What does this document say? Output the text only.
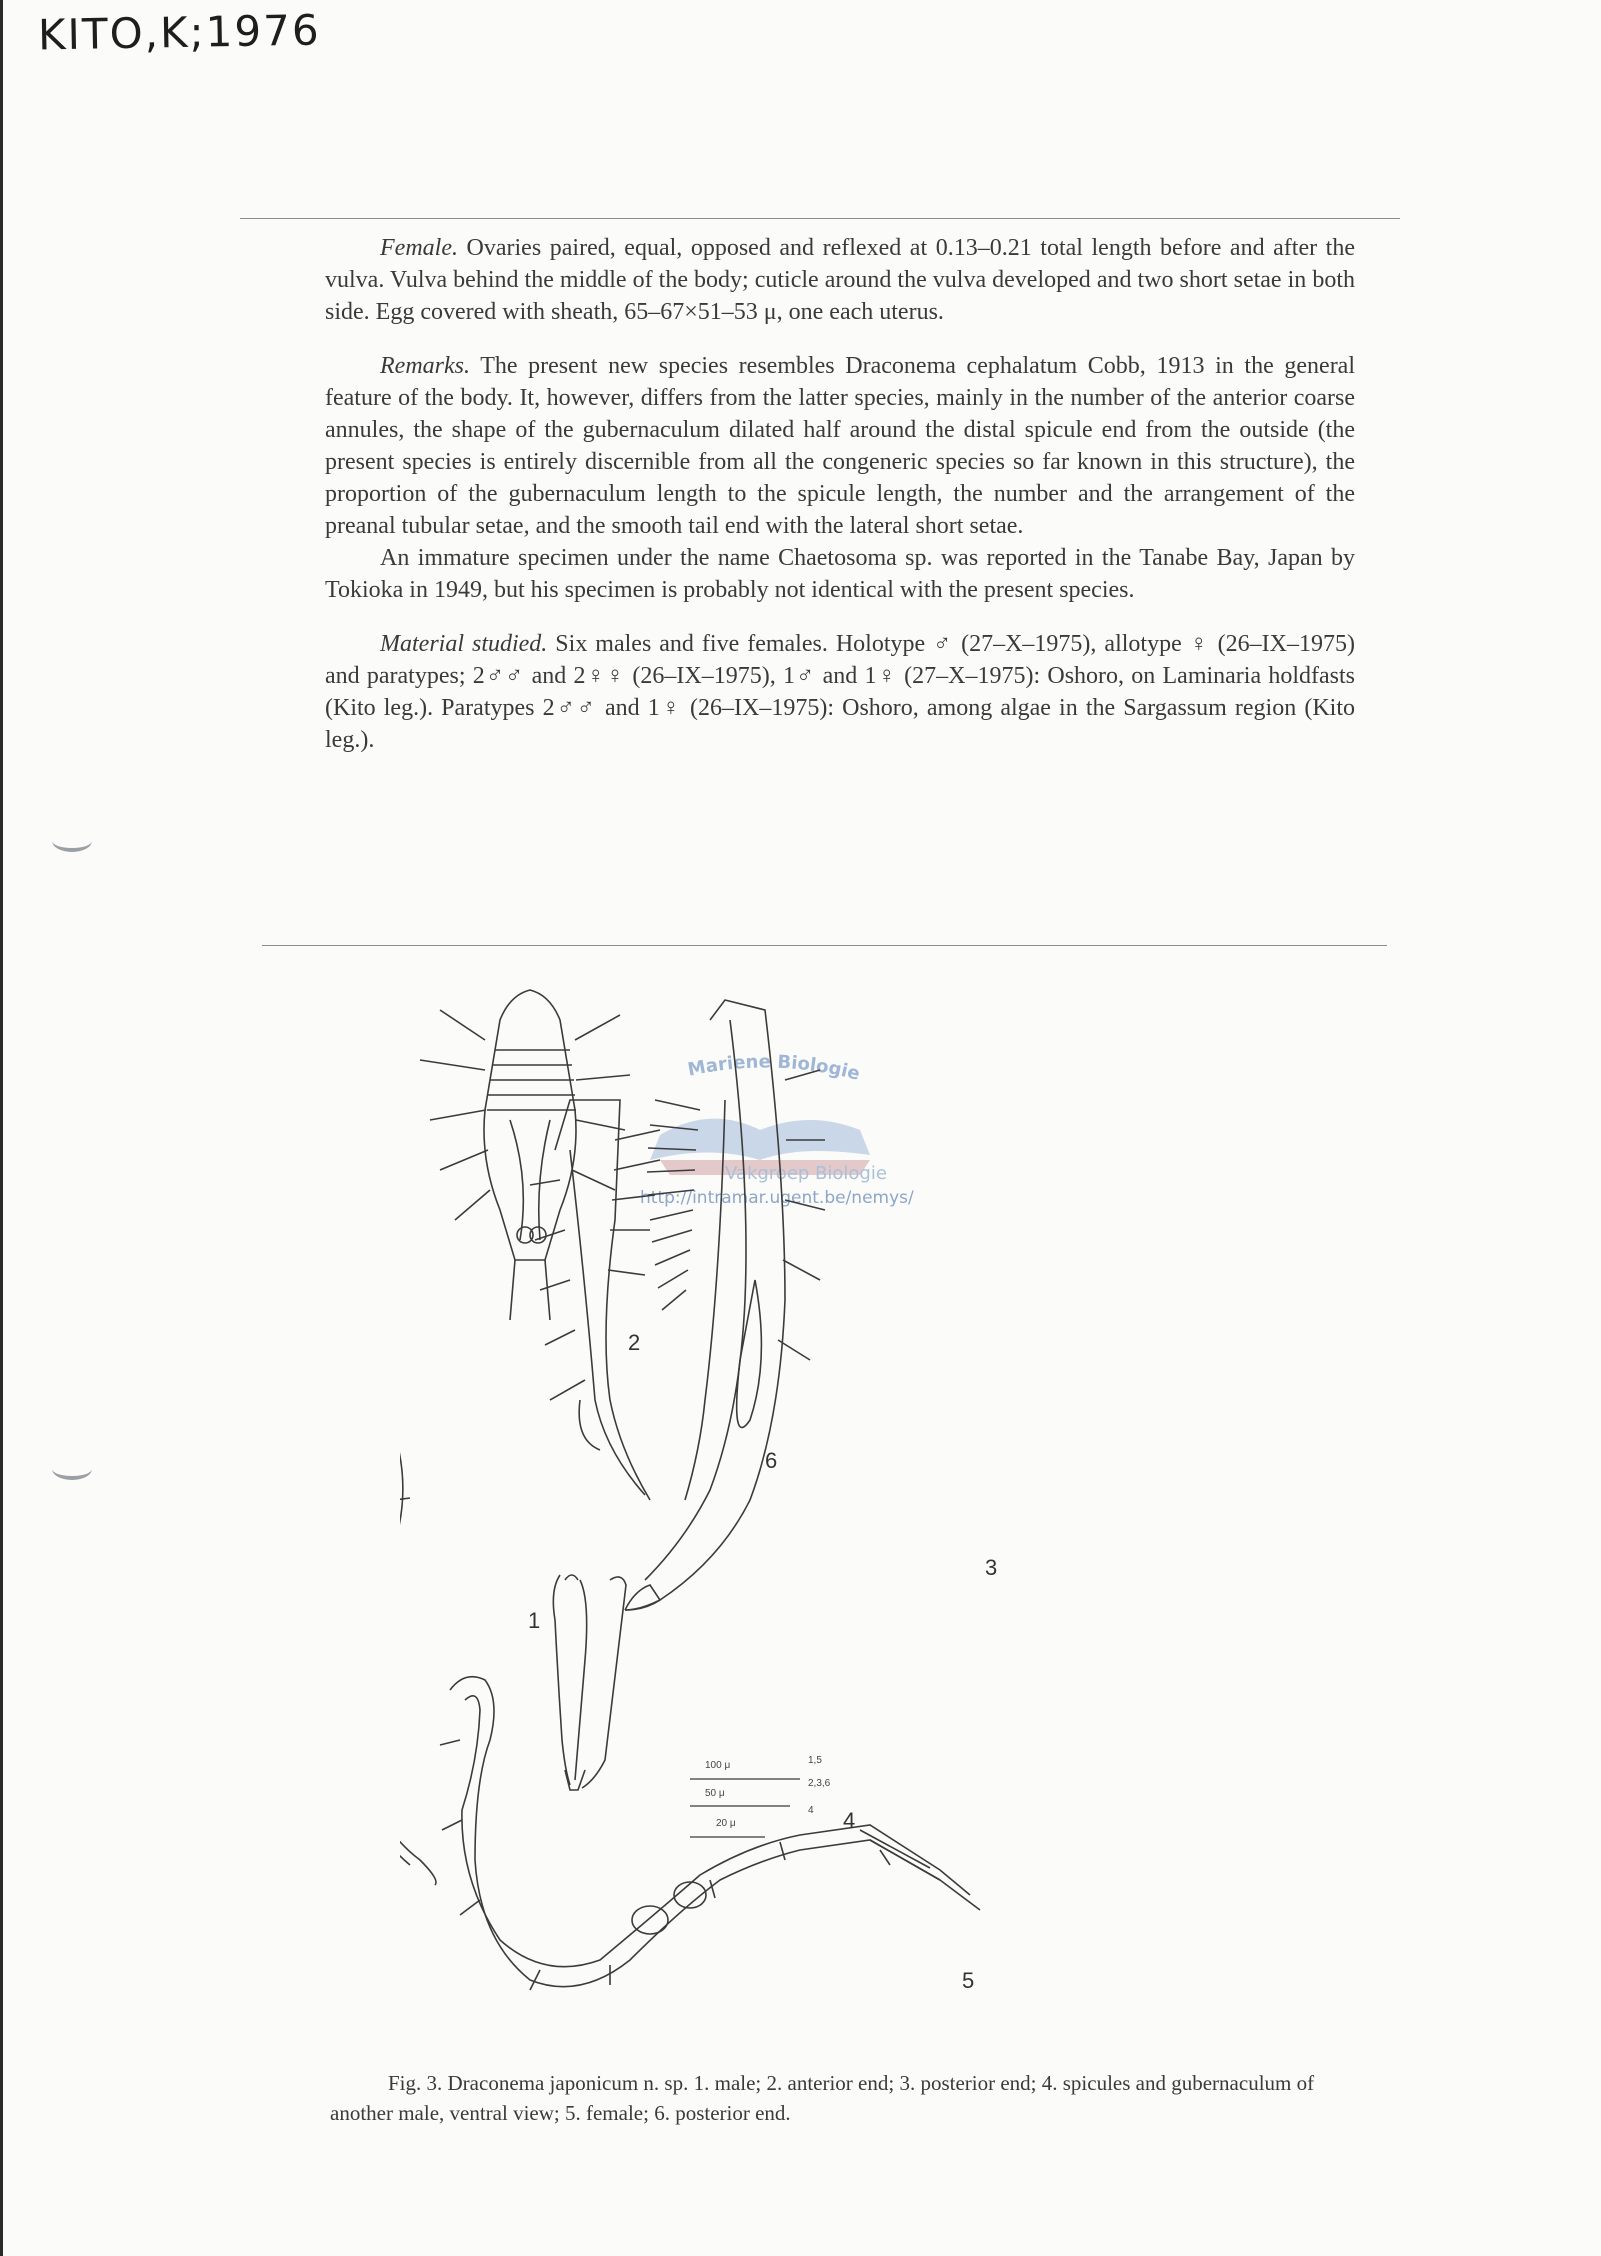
KITO,K;1976

Female. Ovaries paired, equal, opposed and reflexed at 0.13–0.21 total length before and after the vulva. Vulva behind the middle of the body; cuticle around the vulva developed and two short setae in both side. Egg covered with sheath, 65–67×51–53 μ, one each uterus.

Remarks. The present new species resembles Draconema cephalatum Cobb, 1913 in the general feature of the body. It, however, differs from the latter species, mainly in the number of the anterior coarse annules, the shape of the gubernaculum dilated half around the distal spicule end from the outside (the present species is entirely discernible from all the congeneric species so far known in this structure), the proportion of the gubernaculum length to the spicule length, the number and the arrangement of the preanal tubular setae, and the smooth tail end with the lateral short setae.

An immature specimen under the name Chaetosoma sp. was reported in the Tanabe Bay, Japan by Tokioka in 1949, but his specimen is probably not identical with the present species.

Material studied. Six males and five females. Holotype ♂ (27–X–1975), allotype ♀ (26–IX–1975) and paratypes; 2♂♂ and 2♀♀ (26–IX–1975), 1♂ and 1♀ (27–X–1975): Oshoro, on Laminaria holdfasts (Kito leg.). Paratypes 2♂♂ and 1♀ (26–IX–1975): Oshoro, among algae in the Sargassum region (Kito leg.).

Mariene Biologie
Vakgroep Biologie
http://intramar.ugent.be/nemys/
2
1
6
3
4
5
100 μ	1,5
50 μ
2,3,6
20 μ
4
Fig. 3. Draconema japonicum n. sp. 1. male; 2. anterior end; 3. posterior end; 4. spicules and gubernaculum of another male, ventral view; 5. female; 6. posterior end.
